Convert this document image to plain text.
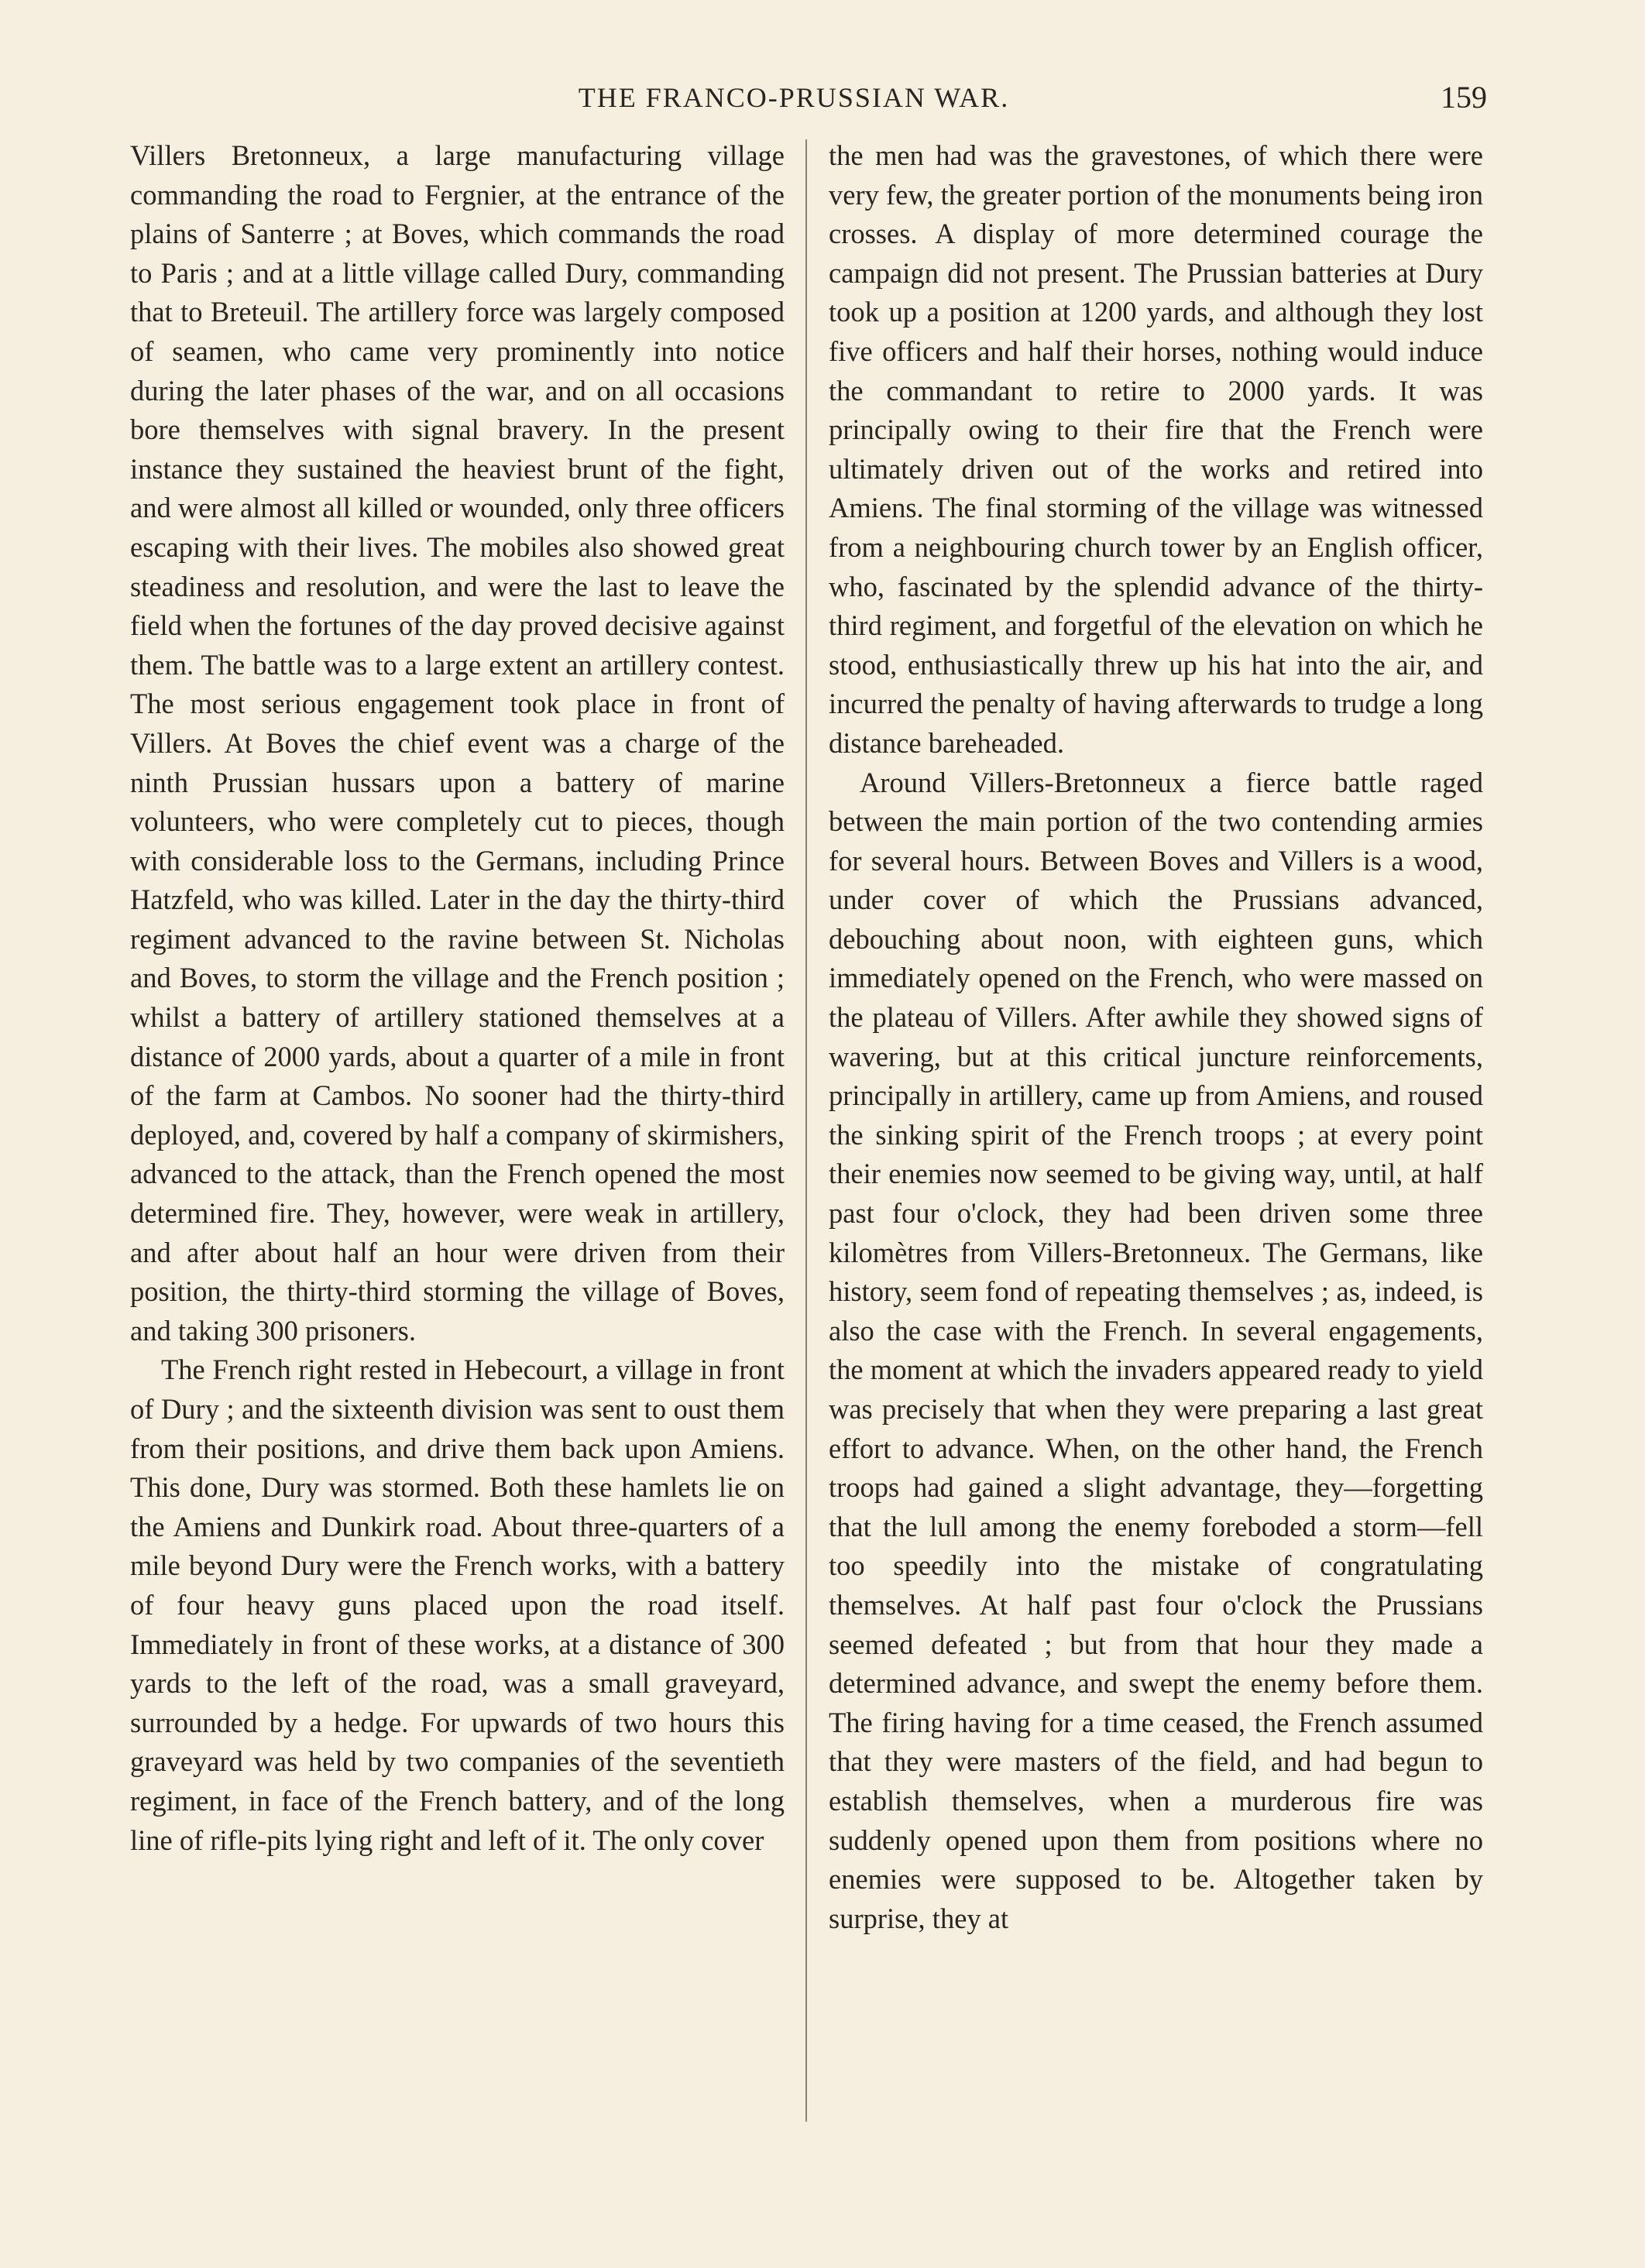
THE FRANCO-PRUSSIAN WAR.	159

Villers Bretonneux, a large manufacturing village commanding the road to Fergnier, at the entrance of the plains of Santerre ; at Boves, which commands the road to Paris ; and at a little village called Dury, commanding that to Breteuil. The artillery force was largely composed of seamen, who came very prominently into notice during the later phases of the war, and on all occasions bore themselves with signal bravery. In the present instance they sustained the heaviest brunt of the fight, and were almost all killed or wounded, only three officers escaping with their lives. The mobiles also showed great steadiness and resolution, and were the last to leave the field when the fortunes of the day proved decisive against them. The battle was to a large extent an artillery contest. The most serious engagement took place in front of Villers. At Boves the chief event was a charge of the ninth Prussian hussars upon a battery of marine volunteers, who were completely cut to pieces, though with considerable loss to the Germans, including Prince Hatzfeld, who was killed. Later in the day the thirty-third regiment advanced to the ravine between St. Nicholas and Boves, to storm the village and the French position ; whilst a battery of artillery stationed themselves at a distance of 2000 yards, about a quarter of a mile in front of the farm at Cambos. No sooner had the thirty-third deployed, and, covered by half a company of skirmishers, advanced to the attack, than the French opened the most determined fire. They, however, were weak in artillery, and after about half an hour were driven from their position, the thirty-third storming the village of Boves, and taking 300 prisoners.

The French right rested in Hebecourt, a village in front of Dury ; and the sixteenth division was sent to oust them from their positions, and drive them back upon Amiens. This done, Dury was stormed. Both these hamlets lie on the Amiens and Dunkirk road. About three-quarters of a mile beyond Dury were the French works, with a battery of four heavy guns placed upon the road itself. Immediately in front of these works, at a distance of 300 yards to the left of the road, was a small graveyard, surrounded by a hedge. For upwards of two hours this graveyard was held by two companies of the seventieth regiment, in face of the French battery, and of the long line of rifle-pits lying right and left of it. The only cover

the men had was the gravestones, of which there were very few, the greater portion of the monuments being iron crosses. A display of more determined courage the campaign did not present. The Prussian batteries at Dury took up a position at 1200 yards, and although they lost five officers and half their horses, nothing would induce the commandant to retire to 2000 yards. It was principally owing to their fire that the French were ultimately driven out of the works and retired into Amiens. The final storming of the village was witnessed from a neighbouring church tower by an English officer, who, fascinated by the splendid advance of the thirty-third regiment, and forgetful of the elevation on which he stood, enthusiastically threw up his hat into the air, and incurred the penalty of having afterwards to trudge a long distance bareheaded.

Around Villers-Bretonneux a fierce battle raged between the main portion of the two contending armies for several hours. Between Boves and Villers is a wood, under cover of which the Prussians advanced, debouching about noon, with eighteen guns, which immediately opened on the French, who were massed on the plateau of Villers. After awhile they showed signs of wavering, but at this critical juncture reinforcements, principally in artillery, came up from Amiens, and roused the sinking spirit of the French troops ; at every point their enemies now seemed to be giving way, until, at half past four o'clock, they had been driven some three kilomètres from Villers-Bretonneux. The Germans, like history, seem fond of repeating themselves ; as, indeed, is also the case with the French. In several engagements, the moment at which the invaders appeared ready to yield was precisely that when they were preparing a last great effort to advance. When, on the other hand, the French troops had gained a slight advantage, they—forgetting that the lull among the enemy foreboded a storm—fell too speedily into the mistake of congratulating themselves. At half past four o'clock the Prussians seemed defeated ; but from that hour they made a determined advance, and swept the enemy before them. The firing having for a time ceased, the French assumed that they were masters of the field, and had begun to establish themselves, when a murderous fire was suddenly opened upon them from positions where no enemies were supposed to be. Altogether taken by surprise, they at
